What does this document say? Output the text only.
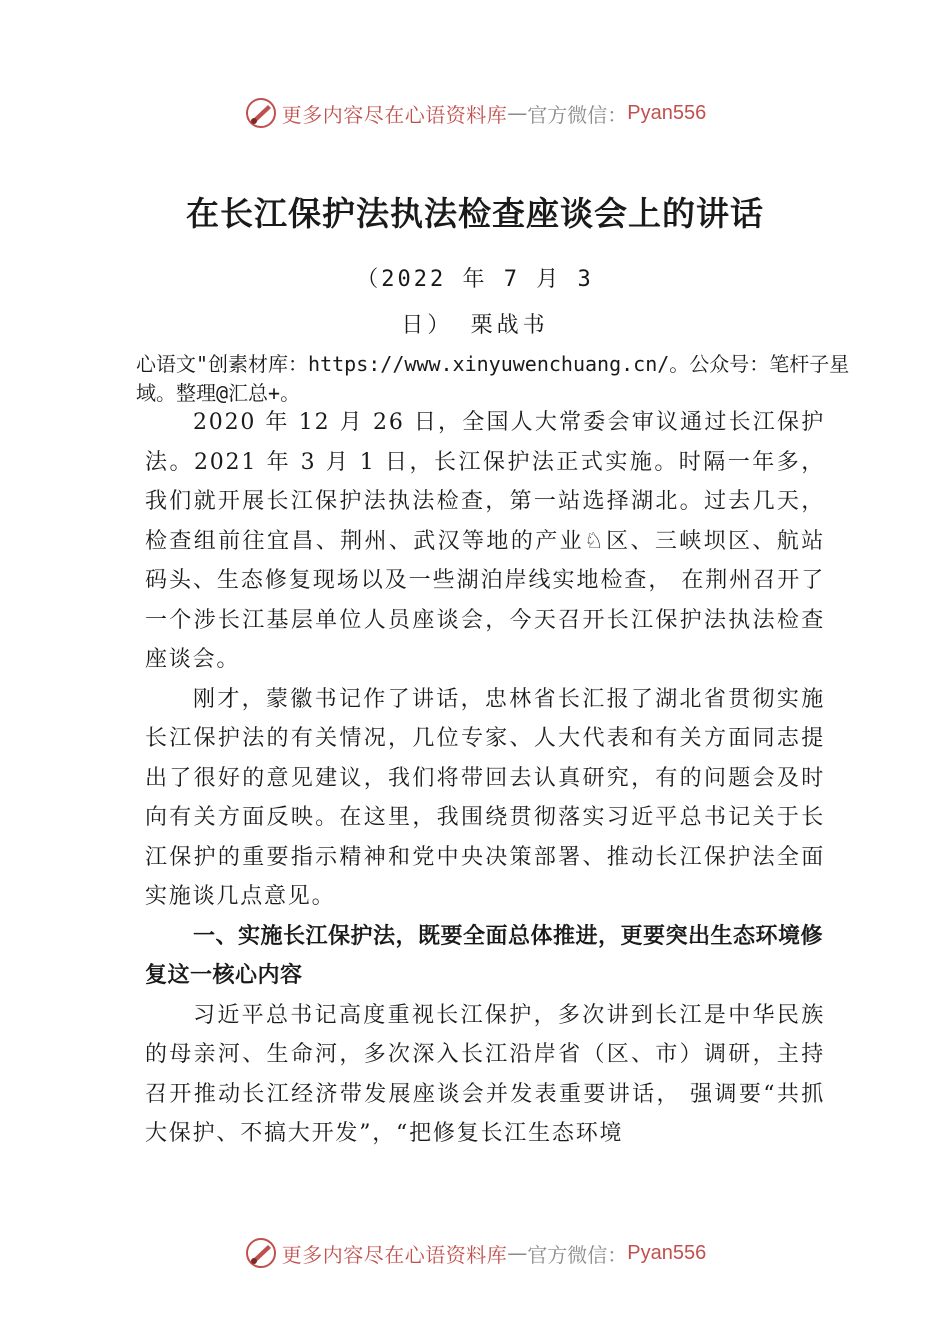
更多内容尽在心语资料库 — 官方微信： Pyan556
在长江保护法执法检查座谈会上的讲话
（2022 年 7 月 3
日） 栗战书
心语文"创素材库：https://www.xinyuwenchuang.cn/。公众号：笔杆子星域。整理@汇总+。

2020 年 12 月 26 日，全国人大常委会审议通过长江保护法。2021 年 3 月 1 日，长江保护法正式实施。时隔一年多，我们就开展长江保护法执法检查，第一站选择湖北。过去几天，检查组前往宜昌、荆州、武汉等地的产业♘区、三峡坝区、航站码头、生态修复现场以及一些湖泊岸线实地检查， 在荆州召开了一个涉长江基层单位人员座谈会，今天召开长江保护法执法检查座谈会。

刚才，蒙徽书记作了讲话，忠林省长汇报了湖北省贯彻实施长江保护法的有关情况，几位专家、人大代表和有关方面同志提出了很好的意见建议，我们将带回去认真研究，有的问题会及时向有关方面反映。在这里，我围绕贯彻落实习近平总书记关于长江保护的重要指示精神和党中央决策部署、推动长江保护法全面实施谈几点意见。

一、实施长江保护法，既要全面总体推进，更要突出生态环境修复这一核心内容

习近平总书记高度重视长江保护，多次讲到长江是中华民族的母亲河、生命河，多次深入长江沿岸省（区、市）调研，主持召开推动长江经济带发展座谈会并发表重要讲话， 强调要“共抓大保护、不搞大开发”，“把修复长江生态环境

更多内容尽在心语资料库 — 官方微信： Pyan556
